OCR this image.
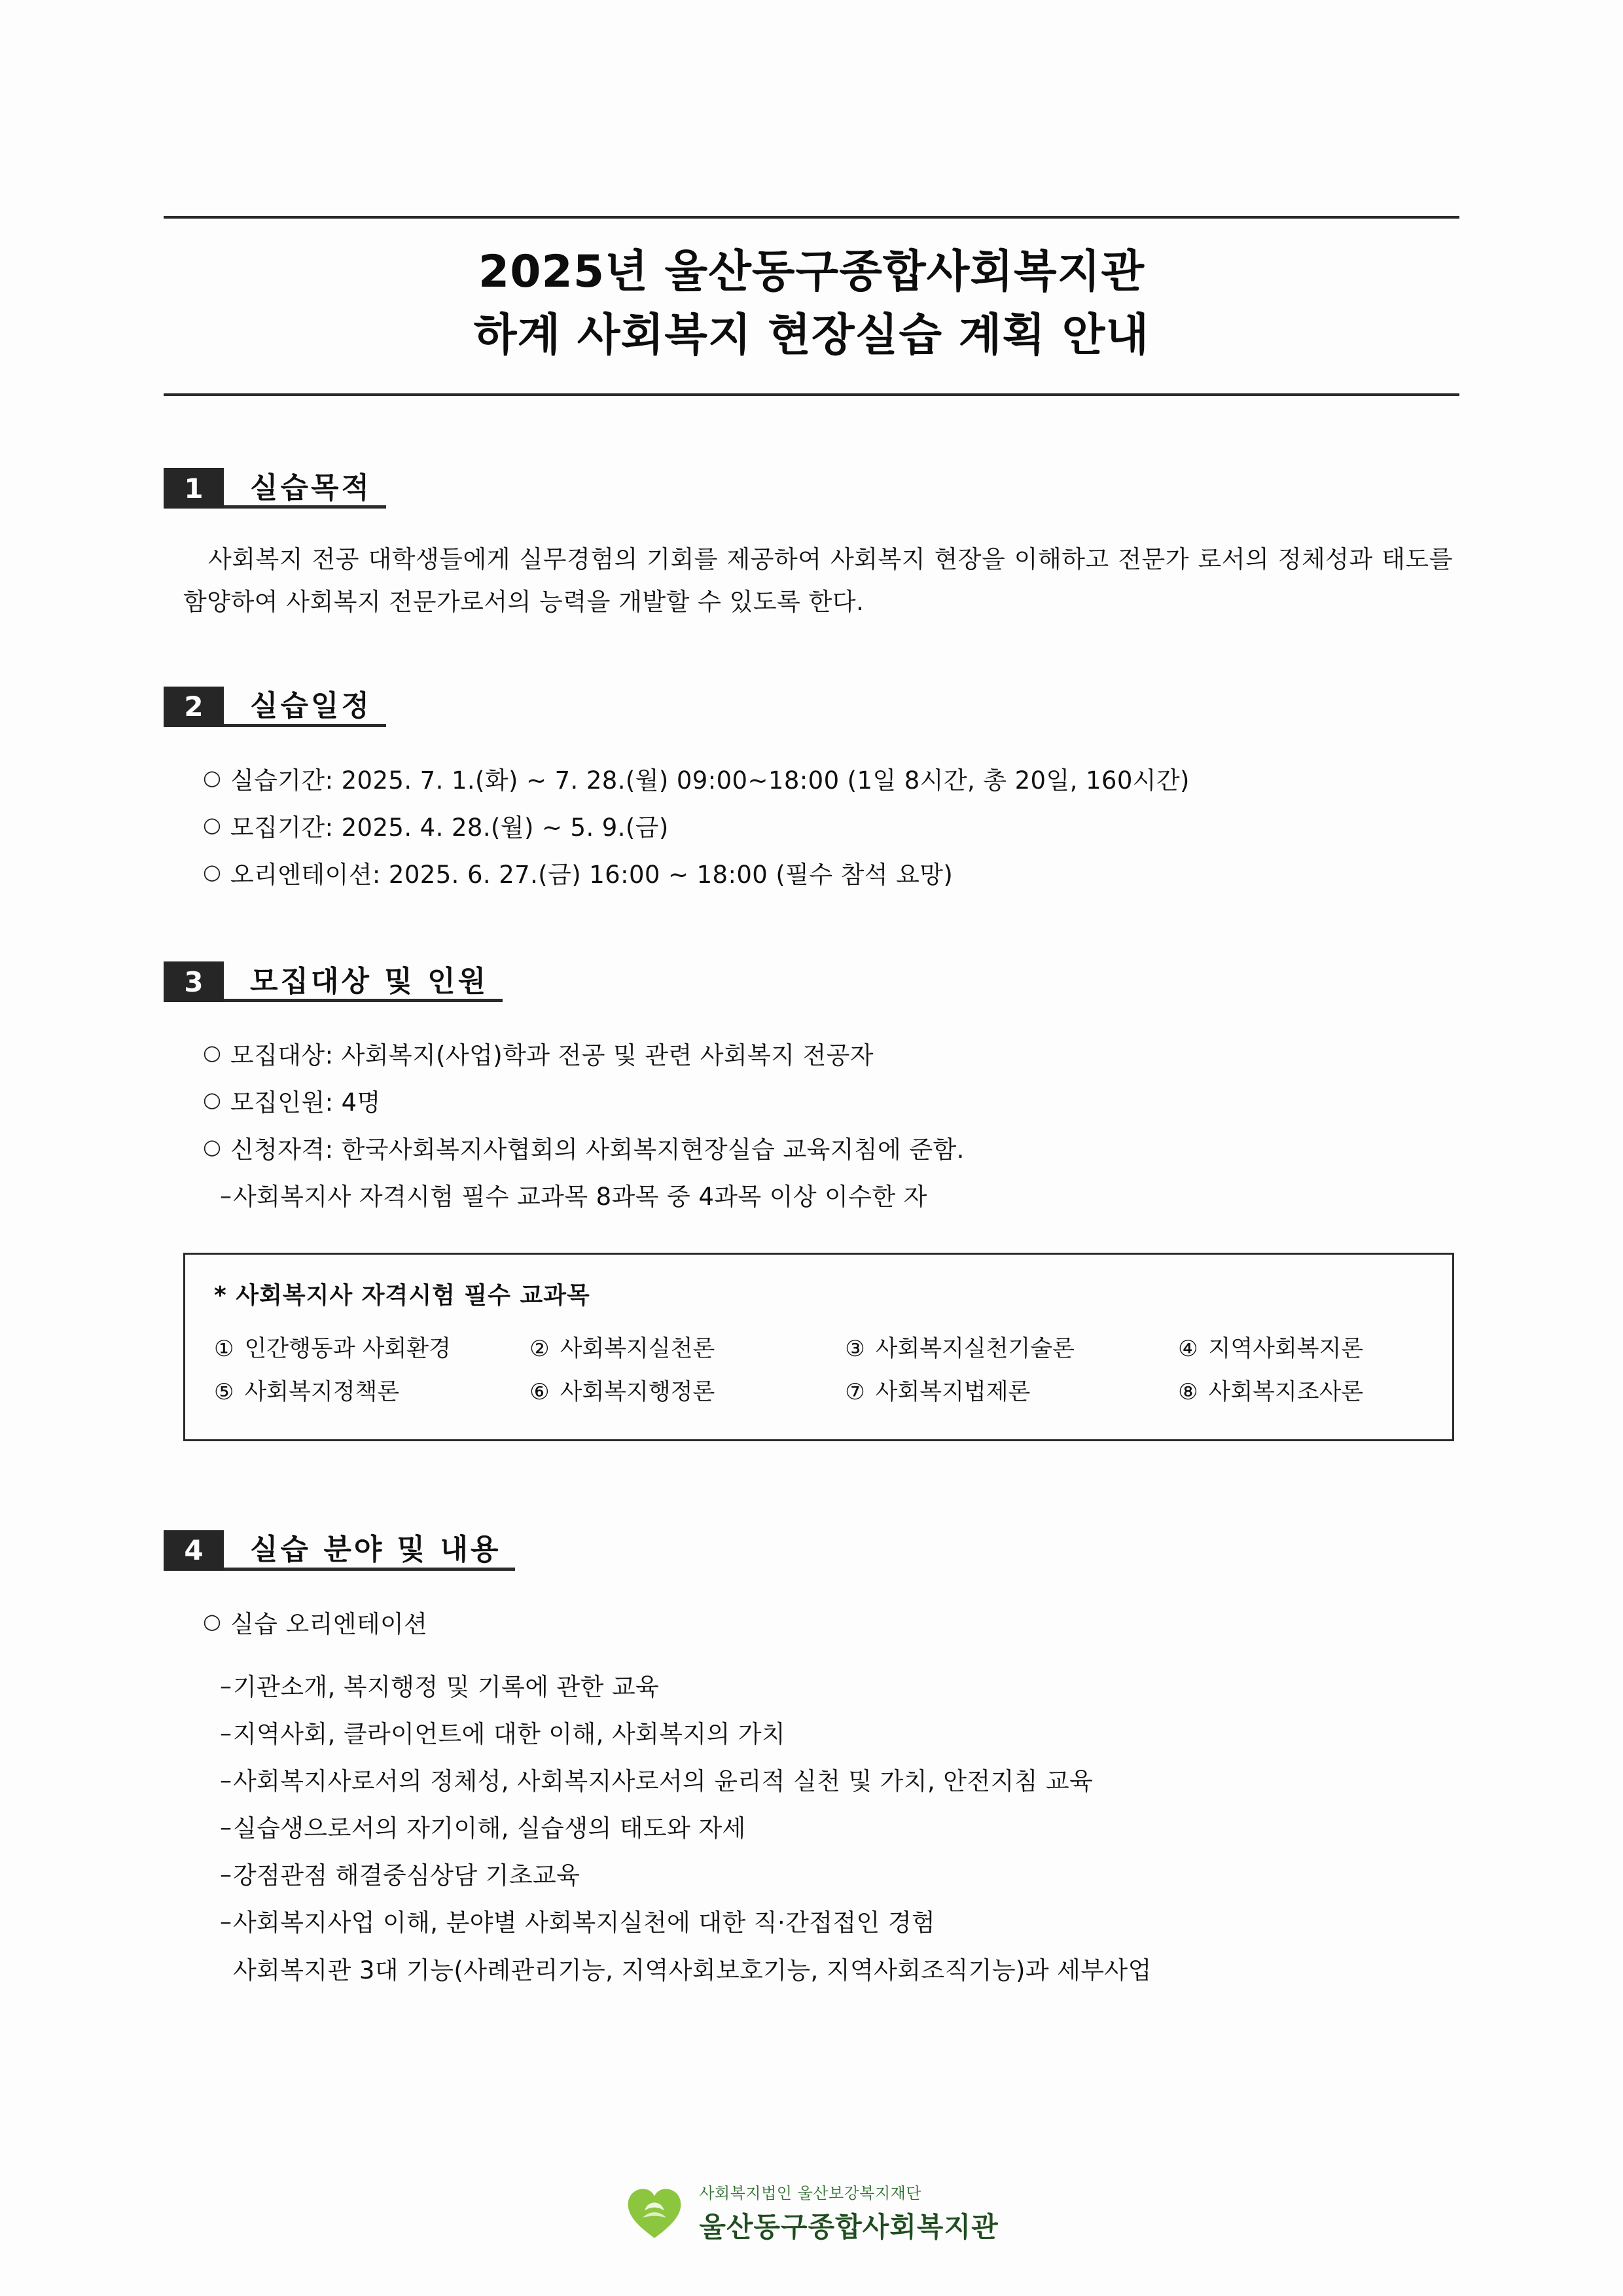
2025년 울산동구종합사회복지관
하계 사회복지 현장실습 계획 안내
1	실습목적
사회복지 전공 대학생들에게 실무경험의 기회를 제공하여 사회복지 현장을 이해하고 전문가 로서의 정체성과 태도를 함양하여 사회복지 전문가로서의 능력을 개발할 수 있도록 한다.
2	실습일정
○ 실습기간: 2025. 7. 1.(화) ~ 7. 28.(월) 09:00~18:00 (1일 8시간, 총 20일, 160시간)
○ 모집기간: 2025. 4. 28.(월) ~ 5. 9.(금)
○ 오리엔테이션: 2025. 6. 27.(금) 16:00 ~ 18:00 (필수 참석 요망)
3	모집대상 및 인원
○ 모집대상: 사회복지(사업)학과 전공 및 관련 사회복지 전공자
○ 모집인원: 4명
○ 신청자격: 한국사회복지사협회의 사회복지현장실습 교육지침에 준함.
– 사회복지사 자격시험 필수 교과목 8과목 중 4과목 이상 이수한 자
* 사회복지사 자격시험 필수 교과목
① 인간행동과 사회환경	② 사회복지실천론	③ 사회복지실천기술론	④ 지역사회복지론
⑤ 사회복지정책론	⑥ 사회복지행정론	⑦ 사회복지법제론	⑧ 사회복지조사론
4	실습 분야 및 내용
○ 실습 오리엔테이션
– 기관소개, 복지행정 및 기록에 관한 교육
– 지역사회, 클라이언트에 대한 이해, 사회복지의 가치
– 사회복지사로서의 정체성, 사회복지사로서의 윤리적 실천 및 가치, 안전지침 교육
– 실습생으로서의 자기이해, 실습생의 태도와 자세
– 강점관점 해결중심상담 기초교육
– 사회복지사업 이해, 분야별 사회복지실천에 대한 직·간접접인 경험
사회복지관 3대 기능(사례관리기능, 지역사회보호기능, 지역사회조직기능)과 세부사업
사회복지법인 울산보강복지재단
울산동구종합사회복지관
